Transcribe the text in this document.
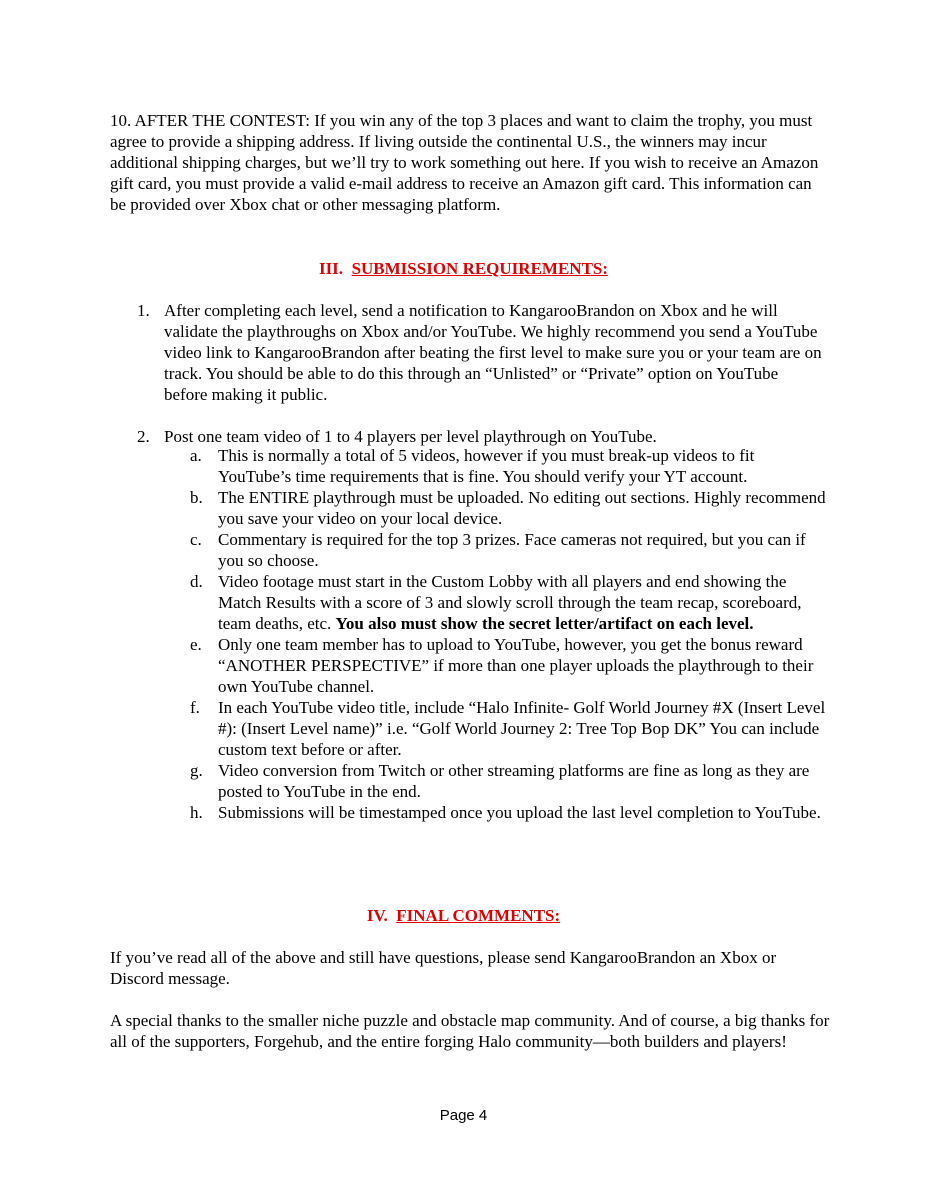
10. AFTER THE CONTEST: If you win any of the top 3 places and want to claim the trophy, you must agree to provide a shipping address. If living outside the continental U.S., the winners may incur additional shipping charges, but we’ll try to work something out here. If you wish to receive an Amazon gift card, you must provide a valid e-mail address to receive an Amazon gift card. This information can be provided over Xbox chat or other messaging platform.

III. SUBMISSION REQUIREMENTS:
1. After completing each level, send a notification to KangarooBrandon on Xbox and he will validate the playthroughs on Xbox and/or YouTube. We highly recommend you send a YouTube video link to KangarooBrandon after beating the first level to make sure you or your team are on track. You should be able to do this through an “Unlisted” or “Private” option on YouTube before making it public.
2. Post one team video of 1 to 4 players per level playthrough on YouTube.
a. This is normally a total of 5 videos, however if you must break-up videos to fit YouTube’s time requirements that is fine. You should verify your YT account.
b. The ENTIRE playthrough must be uploaded. No editing out sections. Highly recommend you save your video on your local device.
c. Commentary is required for the top 3 prizes. Face cameras not required, but you can if you so choose.
d. Video footage must start in the Custom Lobby with all players and end showing the Match Results with a score of 3 and slowly scroll through the team recap, scoreboard, team deaths, etc. You also must show the secret letter/artifact on each level.
e. Only one team member has to upload to YouTube, however, you get the bonus reward “ANOTHER PERSPECTIVE” if more than one player uploads the playthrough to their own YouTube channel.
f. In each YouTube video title, include “Halo Infinite- Golf World Journey #X (Insert Level #): (Insert Level name)” i.e. “Golf World Journey 2: Tree Top Bop DK” You can include custom text before or after.
g. Video conversion from Twitch or other streaming platforms are fine as long as they are posted to YouTube in the end.
h. Submissions will be timestamped once you upload the last level completion to YouTube.
IV. FINAL COMMENTS:

If you’ve read all of the above and still have questions, please send KangarooBrandon an Xbox or Discord message.

A special thanks to the smaller niche puzzle and obstacle map community. And of course, a big thanks for all of the supporters, Forgehub, and the entire forging Halo community—both builders and players!

Page 4
